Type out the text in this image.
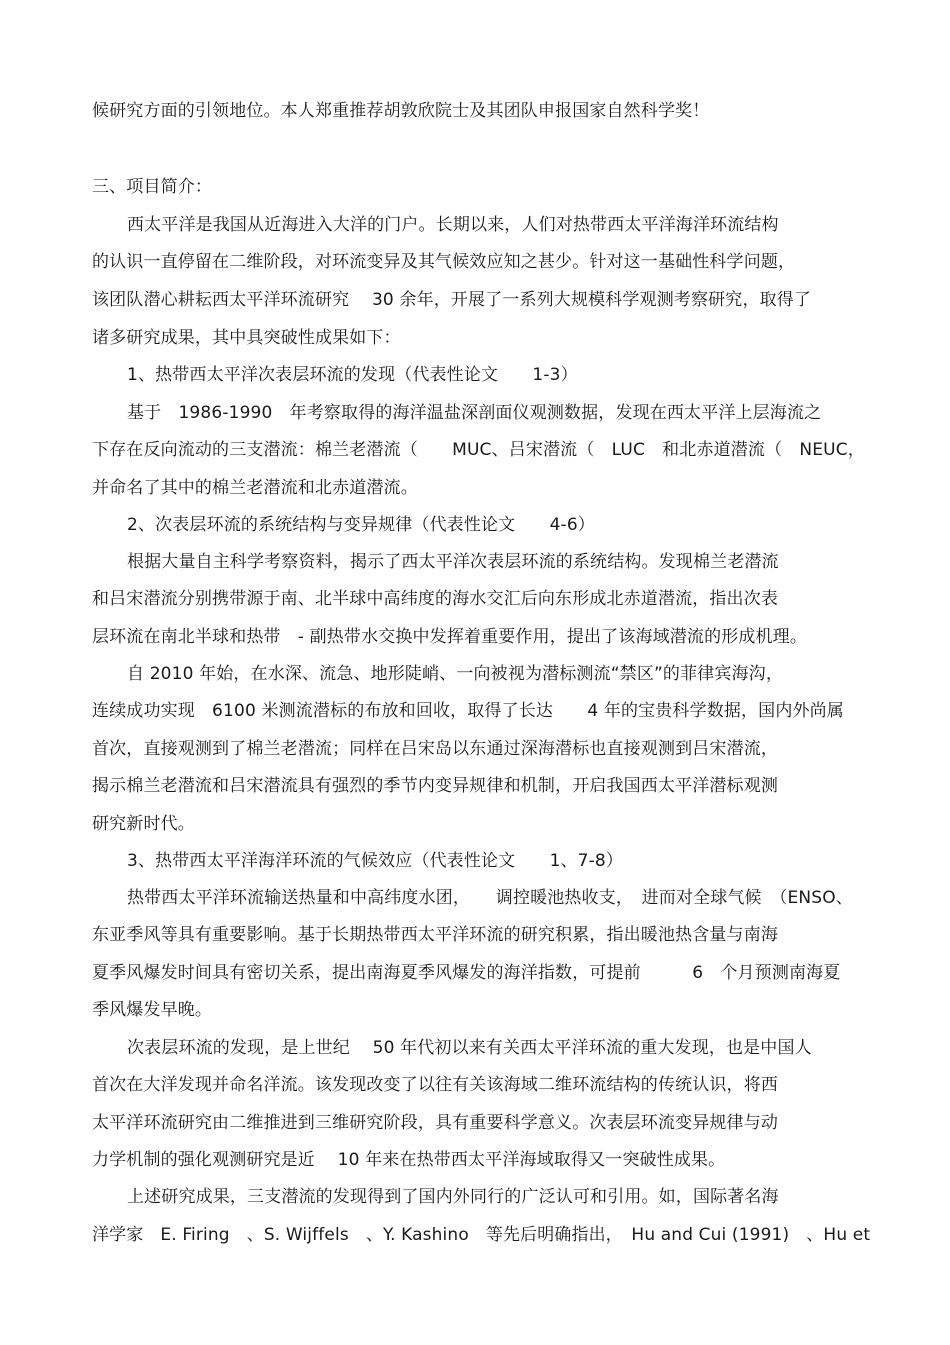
候研究方面的引领地位。本人郑重推荐胡敦欣院士及其团队申报国家自然科学奖！
三、项目简介：
西太平洋是我国从近海进入大洋的门户。长期以来，人们对热带西太平洋海洋环流结构
的认识一直停留在二维阶段，对环流变异及其气候效应知之甚少。针对这一基础性科学问题，
该团队潜心耕耘西太平洋环流研究　 30 余年，开展了一系列大规模科学观测考察研究，取得了
诸多研究成果，其中具突破性成果如下：
1、热带西太平洋次表层环流的发现（代表性论文　　1-3）
基于　1986-1990　年考察取得的海洋温盐深剖面仪观测数据，发现在西太平洋上层海流之
下存在反向流动的三支潜流：棉兰老潜流（　　MUC、吕宋潜流（　LUC　和北赤道潜流（　NEUC，
并命名了其中的棉兰老潜流和北赤道潜流。
2、次表层环流的系统结构与变异规律（代表性论文　　4-6）
根据大量自主科学考察资料，揭示了西太平洋次表层环流的系统结构。发现棉兰老潜流
和吕宋潜流分别携带源于南、北半球中高纬度的海水交汇后向东形成北赤道潜流，指出次表
层环流在南北半球和热带　- 副热带水交换中发挥着重要作用，提出了该海域潜流的形成机理。
自 2010 年始，在水深、流急、地形陡峭、一向被视为潜标测流“禁区”的菲律宾海沟，
连续成功实现　6100 米测流潜标的布放和回收，取得了长达　　4 年的宝贵科学数据，国内外尚属
首次，直接观测到了棉兰老潜流；同样在吕宋岛以东通过深海潜标也直接观测到吕宋潜流，
揭示棉兰老潜流和吕宋潜流具有强烈的季节内变异规律和机制，开启我国西太平洋潜标观测
研究新时代。
3、热带西太平洋海洋环流的气候效应（代表性论文　　1、7-8）
热带西太平洋环流输送热量和中高纬度水团，　　调控暖池热收支，　进而对全球气候　（ENSO、
东亚季风等具有重要影响。基于长期热带西太平洋环流的研究积累，指出暖池热含量与南海
夏季风爆发时间具有密切关系，提出南海夏季风爆发的海洋指数，可提前　　　6　个月预测南海夏
季风爆发早晚。
次表层环流的发现，是上世纪　 50 年代初以来有关西太平洋环流的重大发现，也是中国人
首次在大洋发现并命名洋流。该发现改变了以往有关该海域二维环流结构的传统认识，将西
太平洋环流研究由二维推进到三维研究阶段，具有重要科学意义。次表层环流变异规律与动
力学机制的强化观测研究是近　 10 年来在热带西太平洋海域取得又一突破性成果。
上述研究成果，三支潜流的发现得到了国内外同行的广泛认可和引用。如，国际著名海
洋学家　E. Firing　、S. Wijffels　、Y. Kashino　等先后明确指出，　Hu and Cui (1991)　、Hu et
